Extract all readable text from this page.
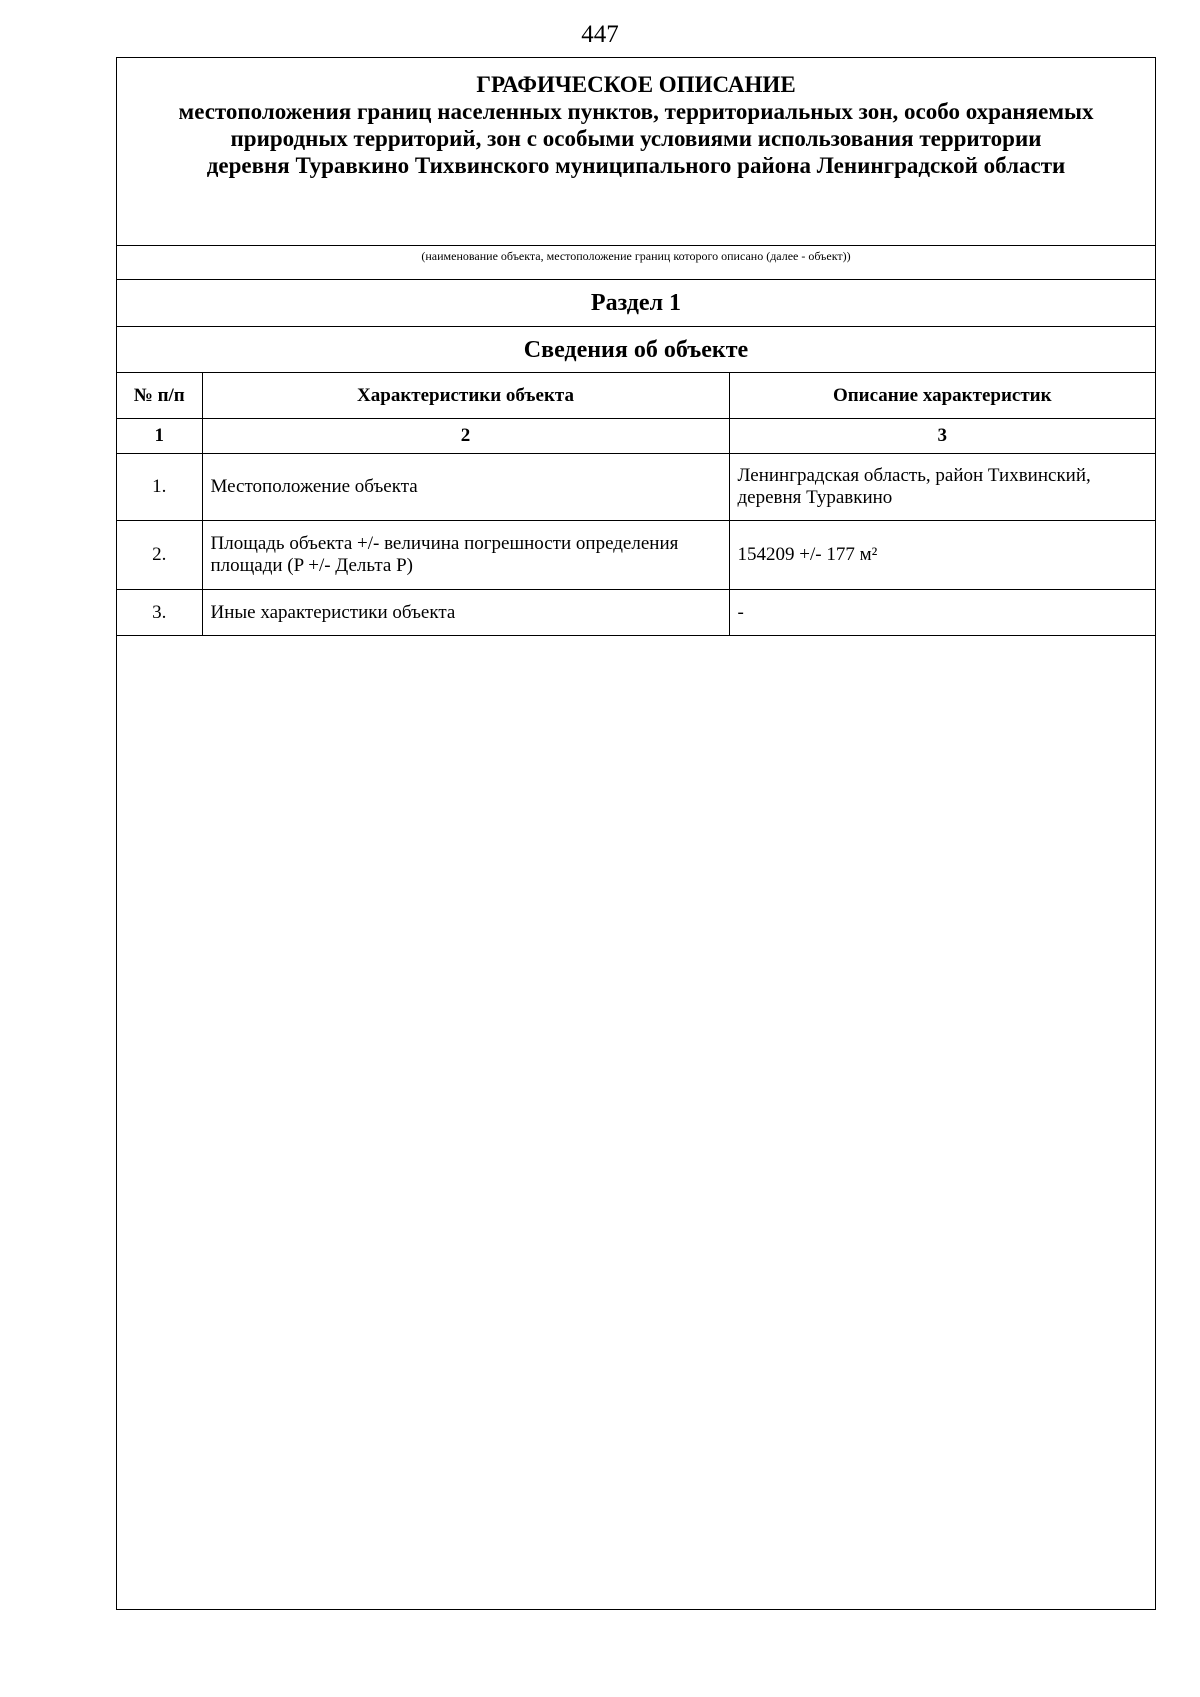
447
ГРАФИЧЕСКОЕ ОПИСАНИЕ
местоположения границ населенных пунктов, территориальных зон, особо охраняемых природных территорий, зон с особыми условиями использования территории
деревня Туравкино Тихвинского муниципального района Ленинградской области
(наименование объекта, местоположение границ которого описано (далее - объект))
Раздел 1
Сведения об объекте
№ п/п	Характеристики объекта	Описание характеристик
1	2	3
1.	Местоположение объекта	Ленинградская область, район Тихвинский, деревня Туравкино
2.	Площадь объекта +/- величина погрешности определения площади (P +/- Дельта P)	154209 +/- 177 м²
3.	Иные характеристики объекта	-
